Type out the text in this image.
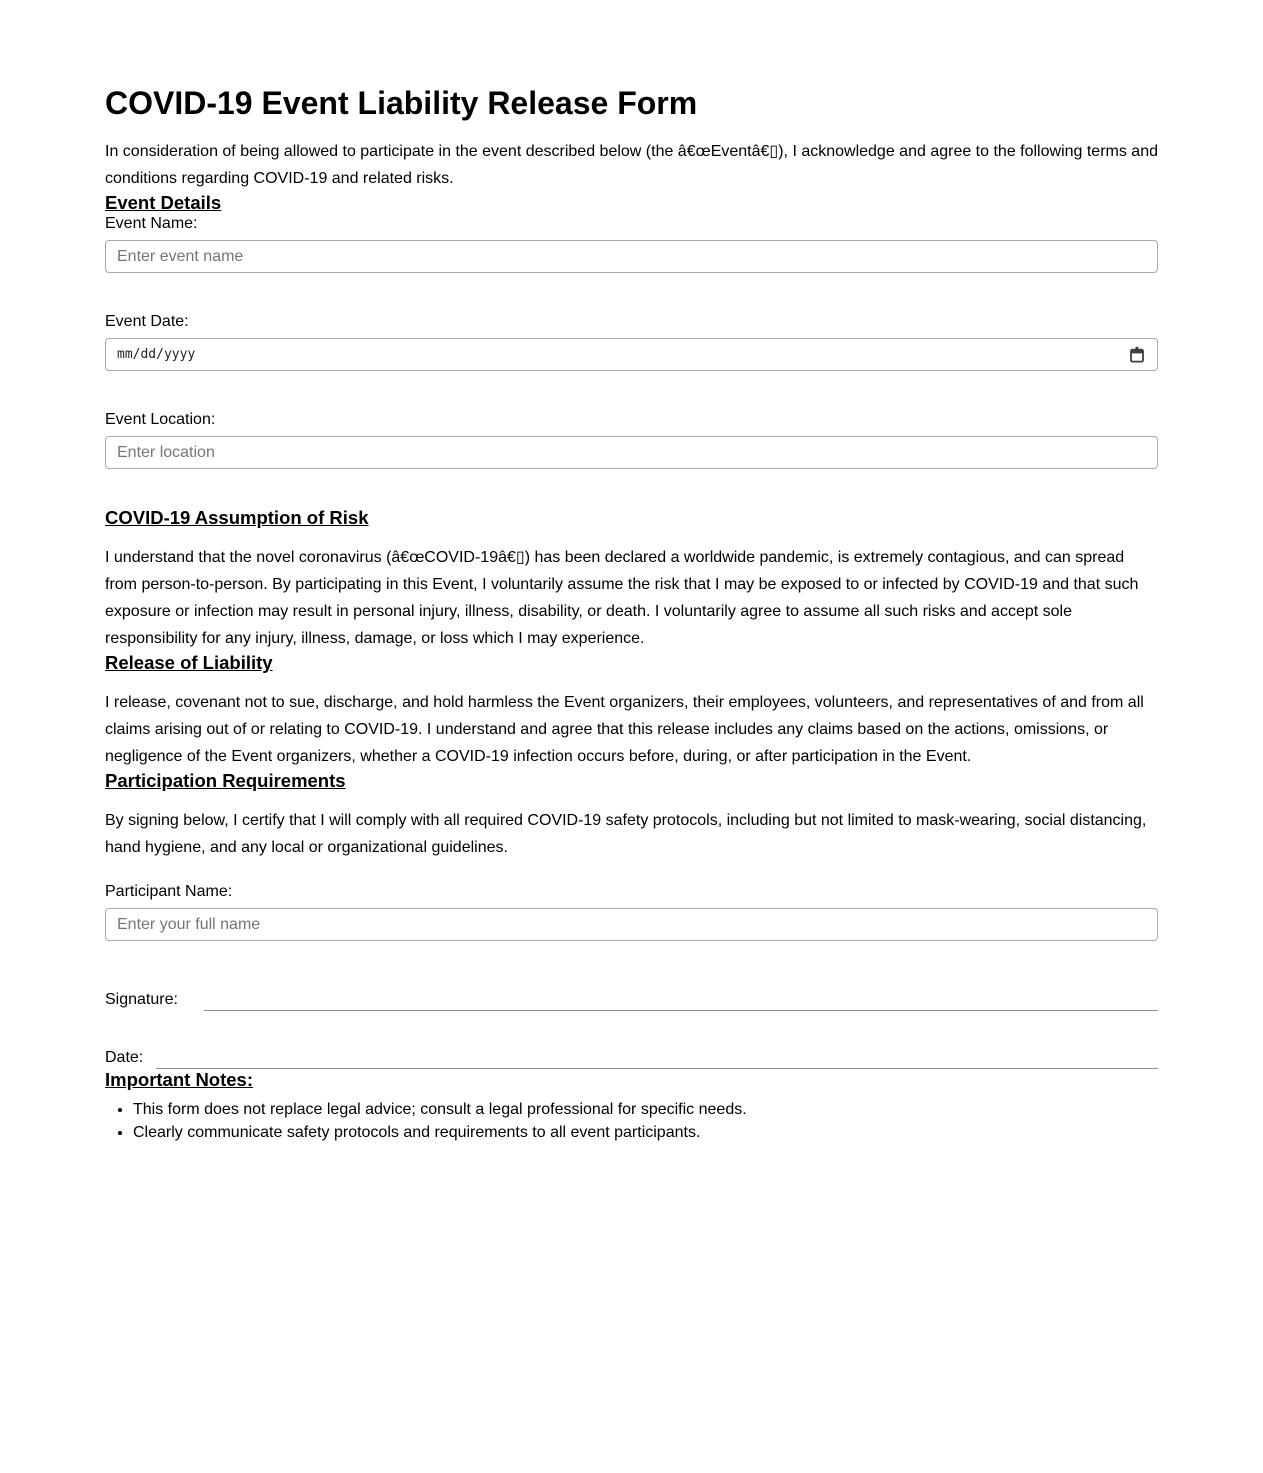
COVID-19 Event Liability Release Form

In consideration of being allowed to participate in the event described below (the â€œEventâ€▯), I acknowledge and agree to the following terms and conditions regarding COVID-19 and related risks.

Event Details
Event Name:
Enter event name
Event Date:
mm/dd/yyyy
Event Location:
Enter location
COVID-19 Assumption of Risk

I understand that the novel coronavirus (â€œCOVID-19â€▯) has been declared a worldwide pandemic, is extremely contagious, and can spread from person-to-person. By participating in this Event, I voluntarily assume the risk that I may be exposed to or infected by COVID-19 and that such exposure or infection may result in personal injury, illness, disability, or death. I voluntarily agree to assume all such risks and accept sole responsibility for any injury, illness, damage, or loss which I may experience.

Release of Liability

I release, covenant not to sue, discharge, and hold harmless the Event organizers, their employees, volunteers, and representatives of and from all claims arising out of or relating to COVID-19. I understand and agree that this release includes any claims based on the actions, omissions, or negligence of the Event organizers, whether a COVID-19 infection occurs before, during, or after participation in the Event.

Participation Requirements

By signing below, I certify that I will comply with all required COVID-19 safety protocols, including but not limited to mask-wearing, social distancing, hand hygiene, and any local or organizational guidelines.

Participant Name:
Enter your full name
Signature:
Date:
Important Notes:
• This form does not replace legal advice; consult a legal professional for specific needs.
• Clearly communicate safety protocols and requirements to all event participants.
